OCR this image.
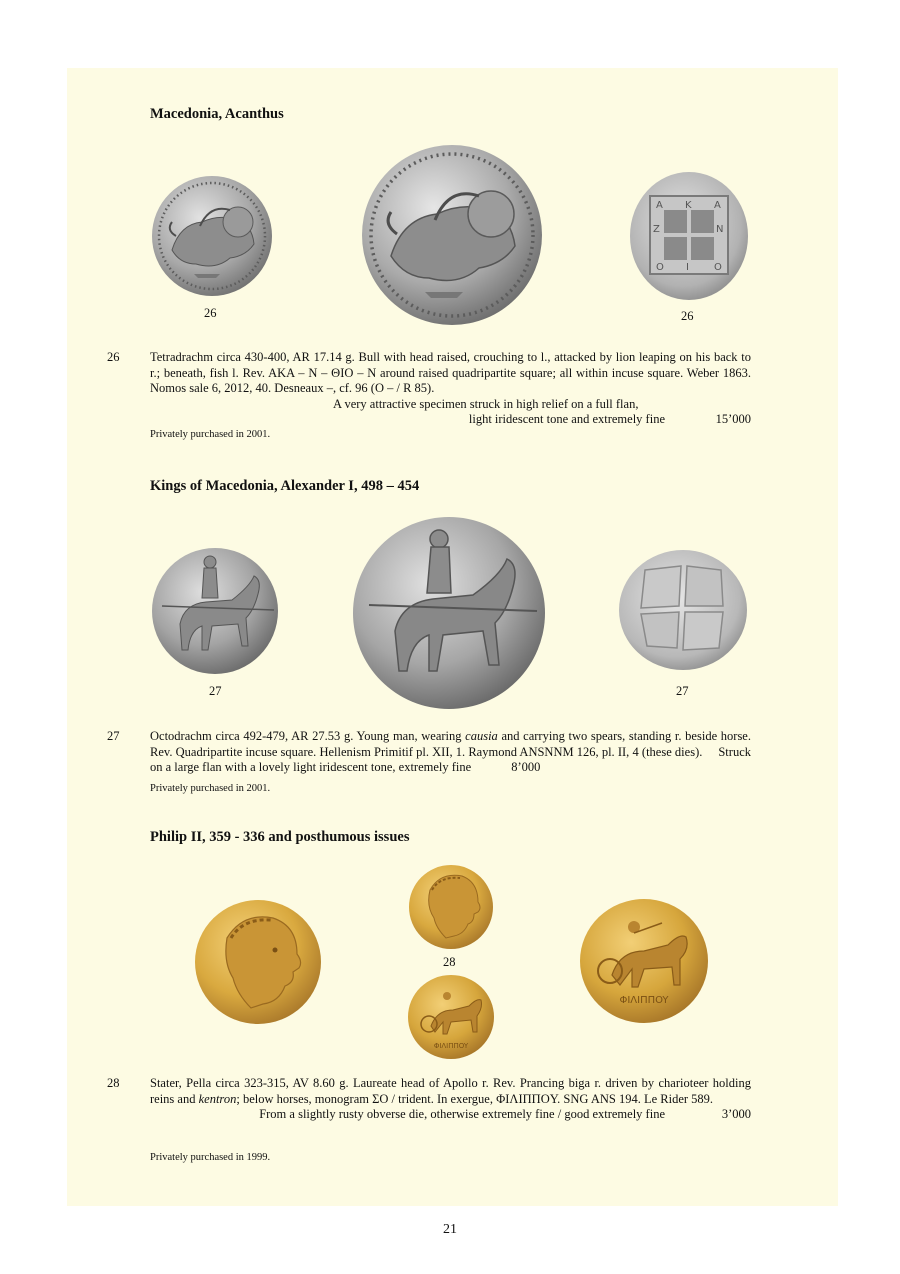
Macedonia, Acanthus
26
A K A
N
Z
Ο I	Ο
26
26 Tetradrachm circa 430-400, AR 17.14 g. Bull with head raised, crouching to l., attacked by lion leaping on his back to r.; beneath, fish l. Rev. AKA – N – ΘIO – N around raised quadripartite square; all within incuse square. Weber 1863. Nomos sale 6, 2012, 40. Desneaux –, cf. 96 (O – / R 85).

A very attractive specimen struck in high relief on a full flan,

light iridescent tone and extremely fine	15’000
Privately purchased in 2001.
Kings of Macedonia, Alexander I, 498 – 454
27	27
27 Octodrachm circa 492-479, AR 27.53 g. Young man, wearing causia and carrying two spears, standing r. beside horse. Rev. Quadripartite incuse square. Hellenism Primitif pl. XII, 1. Raymond ANSNNM 126, pl. II, 4 (these dies). Struck on a large flan with a lovely light iridescent tone, extremely fine	8’000

Privately purchased in 2001.
Philip II, 359 - 336 and posthumous issues
28
ΦIΛIΠΠOY
ΦIΛIΠΠOY
28 Stater, Pella circa 323-315, AV 8.60 g. Laureate head of Apollo r. Rev. Prancing biga r. driven by charioteer holding reins and kentron; below horses, monogram ΣO / trident. In exergue, ΦIΛIΠΠOY. SNG ANS 194. Le Rider 589.

From a slightly rusty obverse die, otherwise extremely fine / good extremely fine	3’000
Privately purchased in 1999.
21
